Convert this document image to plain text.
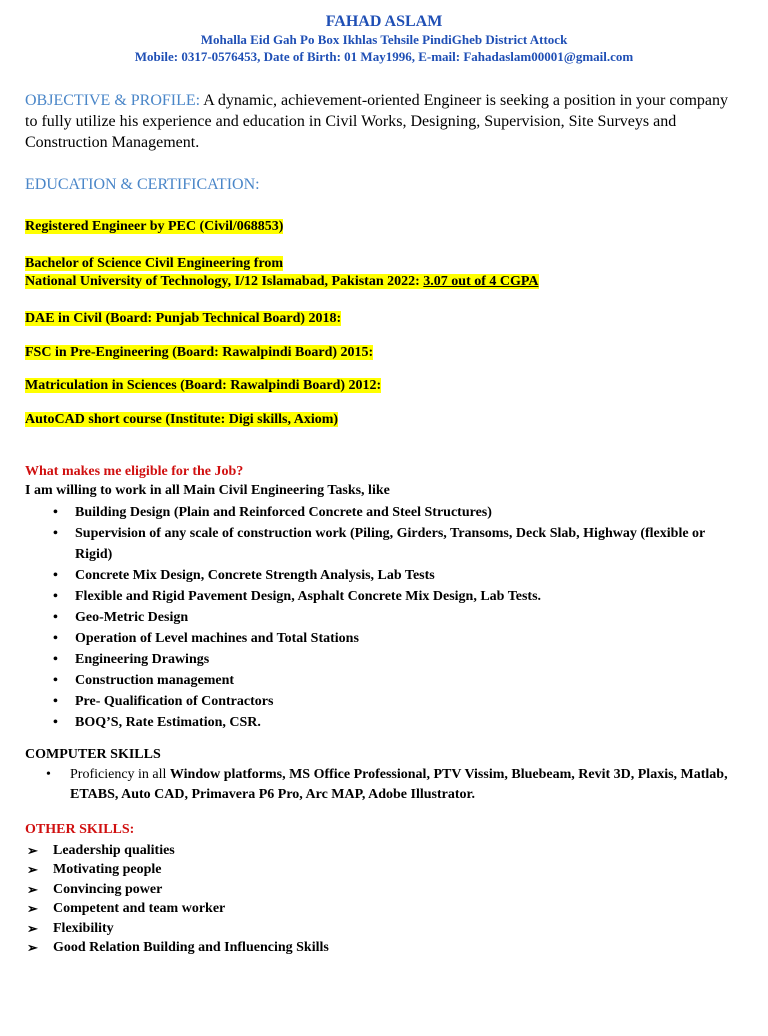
FAHAD ASLAM
Mohalla Eid Gah Po Box Ikhlas Tehsile PindiGheb District Attock
Mobile: 0317-0576453, Date of Birth: 01 May1996, E-mail: Fahadaslam00001@gmail.com
OBJECTIVE & PROFILE: A dynamic, achievement-oriented Engineer is seeking a position in your company to fully utilize his experience and education in Civil Works, Designing, Supervision, Site Surveys and Construction Management.
EDUCATION & CERTIFICATION:
Registered Engineer by PEC (Civil/068853)
Bachelor of Science Civil Engineering from
National University of Technology, I/12 Islamabad, Pakistan 2022: 3.07 out of 4 CGPA
DAE in Civil (Board: Punjab Technical Board) 2018:
FSC in Pre-Engineering (Board: Rawalpindi Board) 2015:
Matriculation in Sciences (Board: Rawalpindi Board) 2012:
AutoCAD short course (Institute: Digi skills, Axiom)
What makes me eligible for the Job?
I am willing to work in all Main Civil Engineering Tasks, like
• Building Design (Plain and Reinforced Concrete and Steel Structures)
• Supervision of any scale of construction work (Piling, Girders, Transoms, Deck Slab, Highway (flexible or Rigid)
• Concrete Mix Design, Concrete Strength Analysis, Lab Tests
• Flexible and Rigid Pavement Design, Asphalt Concrete Mix Design, Lab Tests.
• Geo-Metric Design
• Operation of Level machines and Total Stations
• Engineering Drawings
• Construction management
• Pre- Qualification of Contractors
• BOQ’S, Rate Estimation, CSR.
COMPUTER SKILLS
•	Proficiency in all Window platforms, MS Office Professional, PTV Vissim, Bluebeam, Revit 3D, Plaxis, Matlab, ETABS, Auto CAD, Primavera P6 Pro, Arc MAP, Adobe Illustrator.
OTHER SKILLS:
➢ Leadership qualities
➢ Motivating people
➢ Convincing power
➢ Competent and team worker
➢ Flexibility
➢ Good Relation Building and Influencing Skills
